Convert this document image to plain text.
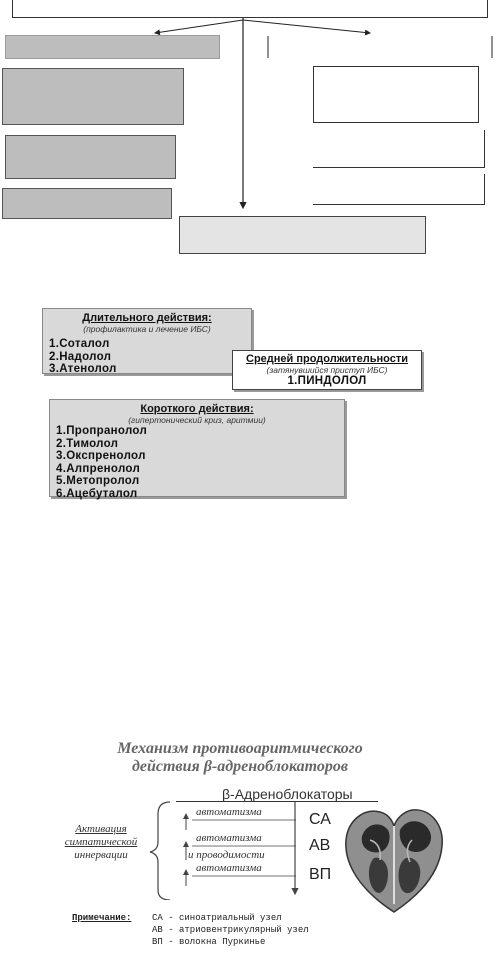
Длительного действия:
(профилактика и лечение ИБС)
1.Соталол
2.Надолол
3.Атенолол
Средней продолжительности
(затянувшийся приступ ИБС)
1.ПИНДОЛОЛ
Короткого действия:
(гипертонический криз, аритмии)
1.Пропранолол
2.Тимолол
3.Окспренолол
4.Алпренолол
5.Метопролол
6.Ацебуталол
Механизм противоаритмического
действия β-адреноблокаторов
β-Адреноблокаторы
Активация
симпатической
иннервации
автоматизма
автоматизма
и проводимости
автоматизма
СА
АВ
ВП
Примечание: СА - синоатриальный узел
АВ - атриовентрикулярный узел
ВП - волокна Пуркинье
